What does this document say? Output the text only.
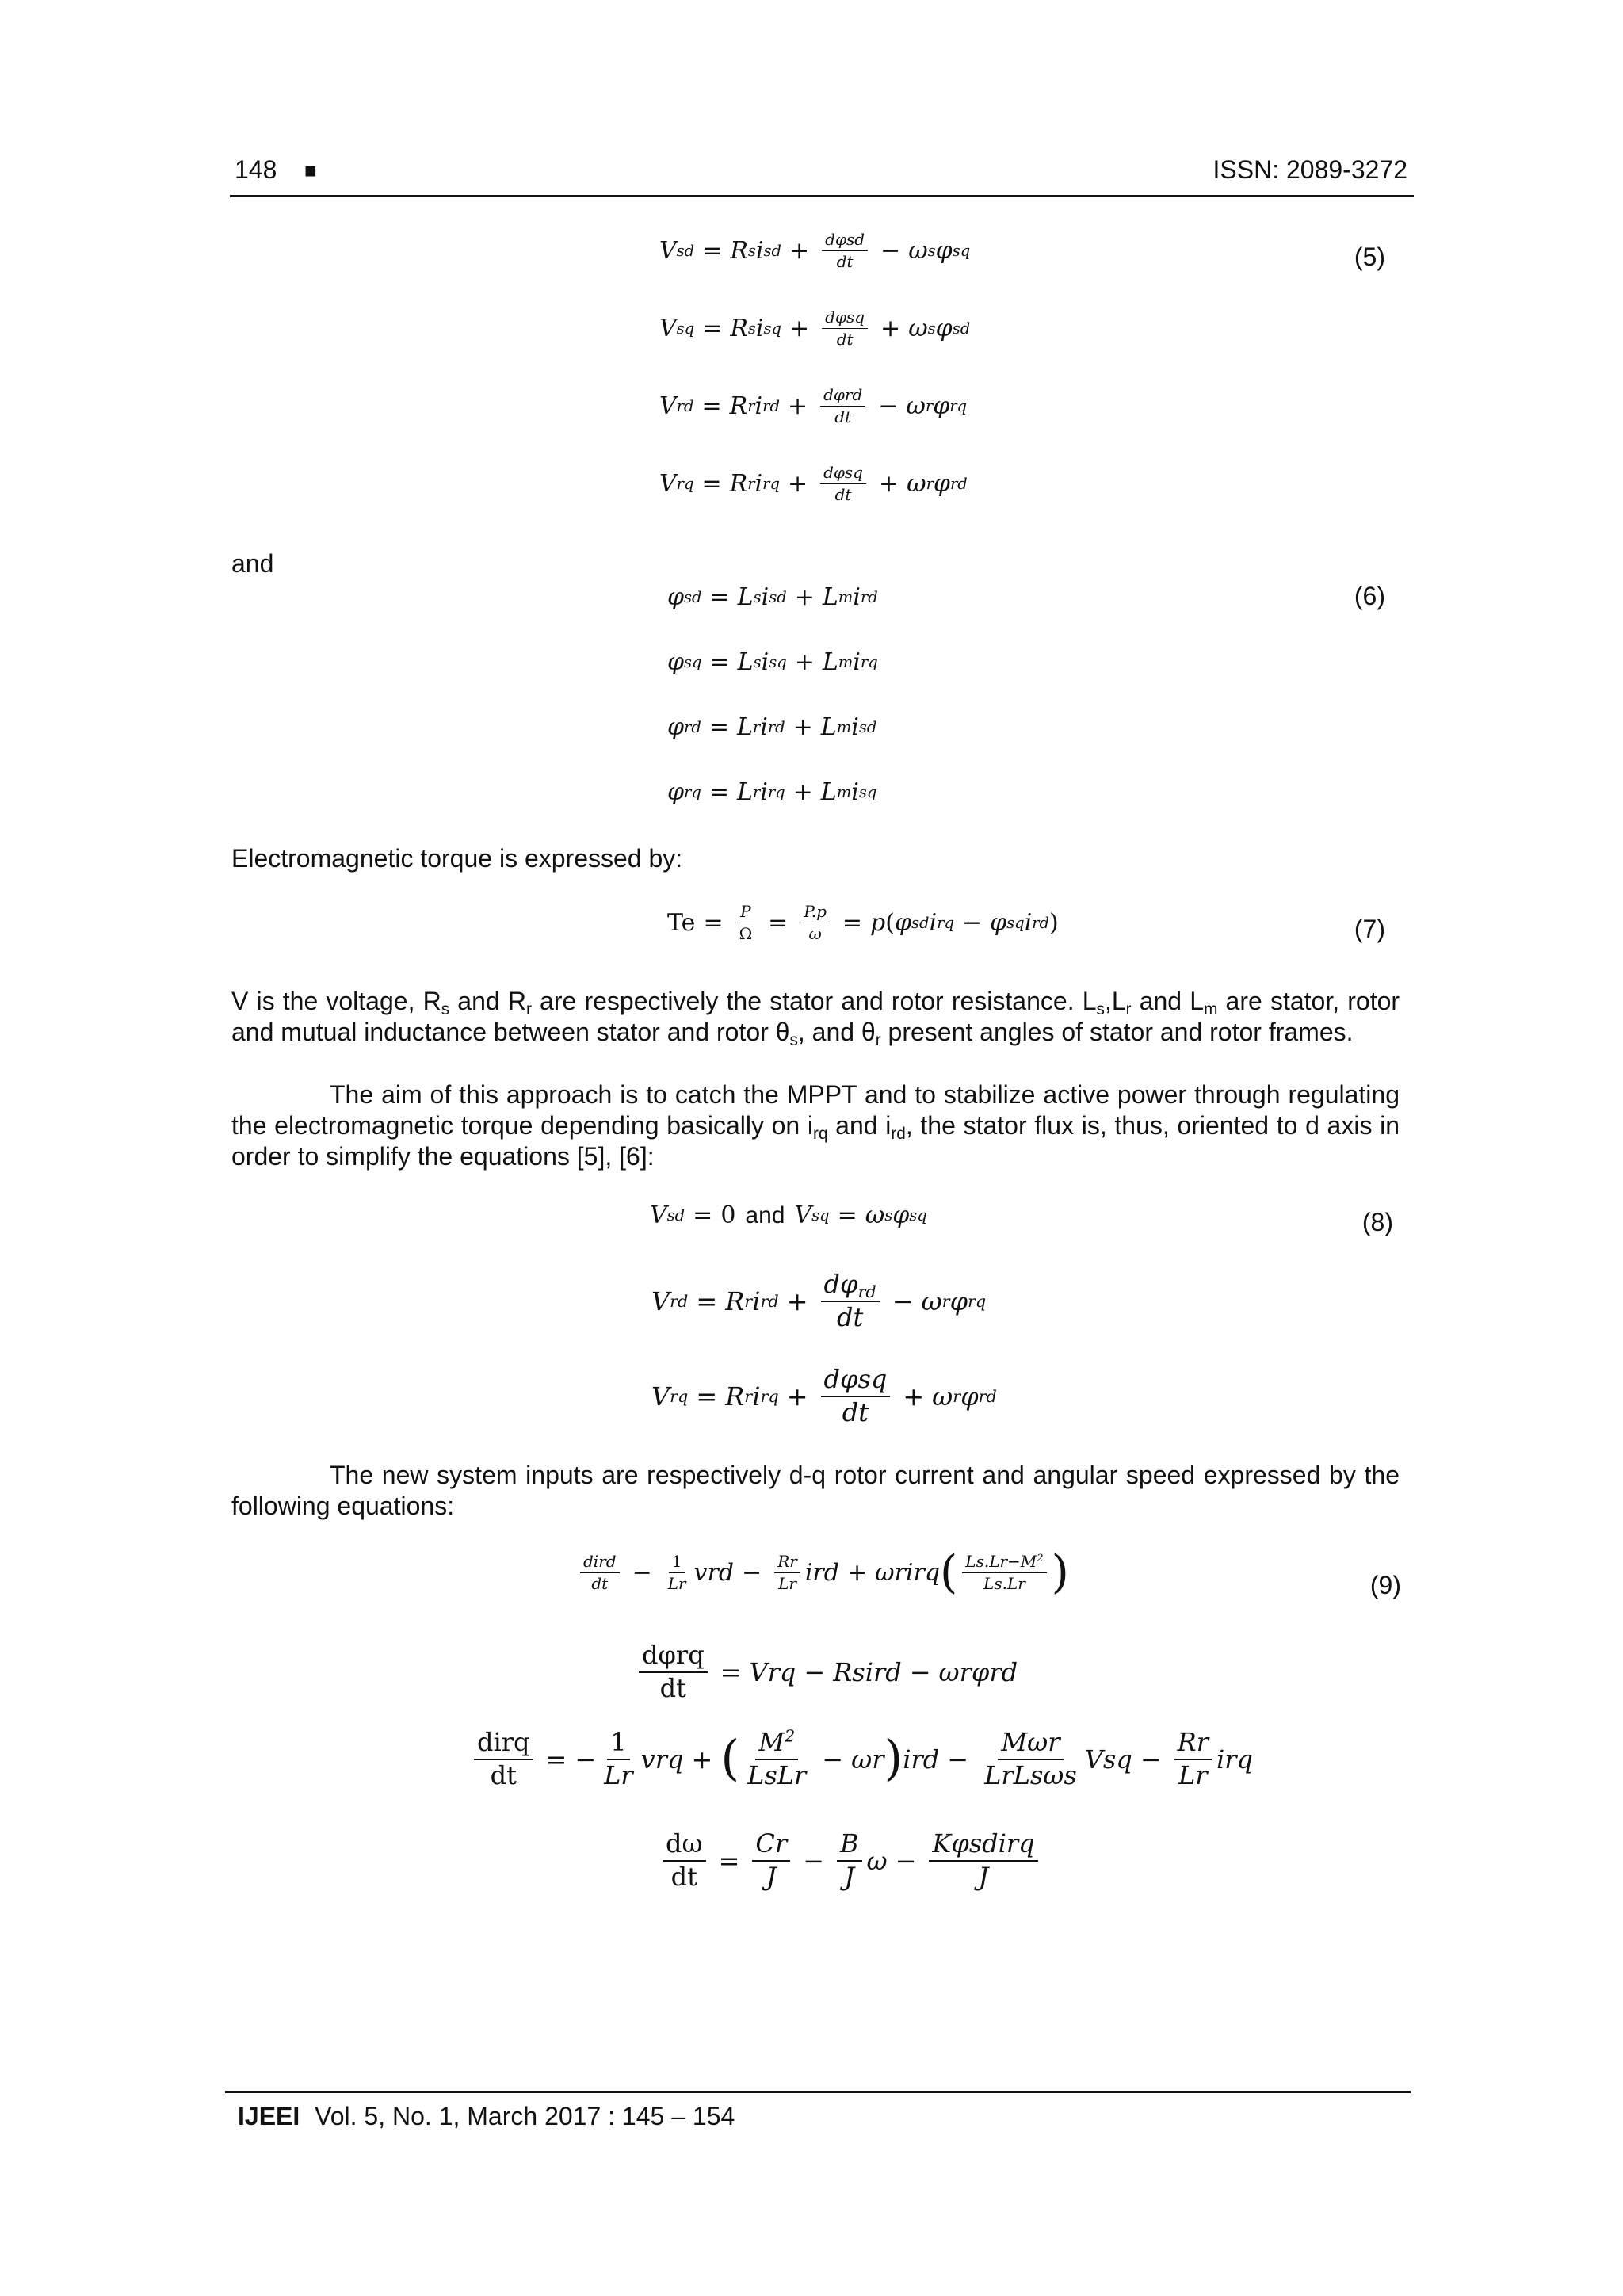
148 ■	ISSN: 2089-3272
V sd = R s i sd + $\frac{\text{dφsd}}{dt} - \omega$ s φ sq	(5)
V sq = R s i sq + $\frac{\text{dφsq}}{dt} + \omega$ s φ sd
V rd = R r i rd + $\frac{\text{dφrd}}{dt} - \omega$ r φ rq
V rq = R r i rq + $\frac{\text{dφsq}}{dt} + \omega$ r φ rd
and
φ sd = L s i sd + L m i rd	(6)
φ sq = L s i sq + L m i rq
φ rd = L r i rd + L m i sd
φ rq = L r i rq + L m i sq
Electromagnetic torque is expressed by:
$Te = \frac{P}{\Omega} = \frac{P.p}{\omega} = p$ ( φ sd i rq − φ sq i rd )	(7)
V is the voltage, $R_s$ and $R_r$ are respectively the stator and rotor resistance. $L_s,L_r$ and $L_m$ are stator, rotor and mutual inductance between stator and rotor $\theta_s$, and $\theta_r$ present angles of stator and rotor frames.
The aim of this approach is to catch the MPPT and to stabilize active power through regulating the electromagnetic torque depending basically on $i_{rq}$ and $i_{rd}$, the stator flux is, thus, oriented to d axis in order to simplify the equations [5], [6]:
V sd = 0 and V sq = ω s φ sq	(8)
V rd = R r i rd + $\frac{d\varphi_{rd}}{dt} - \omega$ r φ rq
V rq = R r i rq + $\frac{\text{dφsq}}{dt} + \omega$ r φ rd
The new system inputs are respectively d-q rotor current and angular speed expressed by the following equations:
$\frac{\text{dird}}{dt} - \frac{1}{Lr}$ vrd − $\frac{Rr}{Lr}$ ird + ωrirq ( $\frac{Ls.Lr-M^2}{Ls.Lr}$ )	(9)
$\frac{\text{dφrq}}{dt}$ = Vrq − Rsird − ωrφrd
$\frac{\text{dirq}}{dt}$ = − $\frac{1}{Lr}$ vrq + ( $\frac{M^2}{\text{LsLr}} - \omega r$ ) ird − $\frac{\text{Mωr}}{\text{LrLsωs}}$ Vsq − $\frac{Rr}{Lr}$ irq
$\frac{d\omega}{dt} = \frac{Cr}{J} - \frac{B}{J}$ $\omega - \frac{\text{Kφsdirq}}{J}$
IJEEI Vol. 5, No. 1, March 2017 : 145 – 154
